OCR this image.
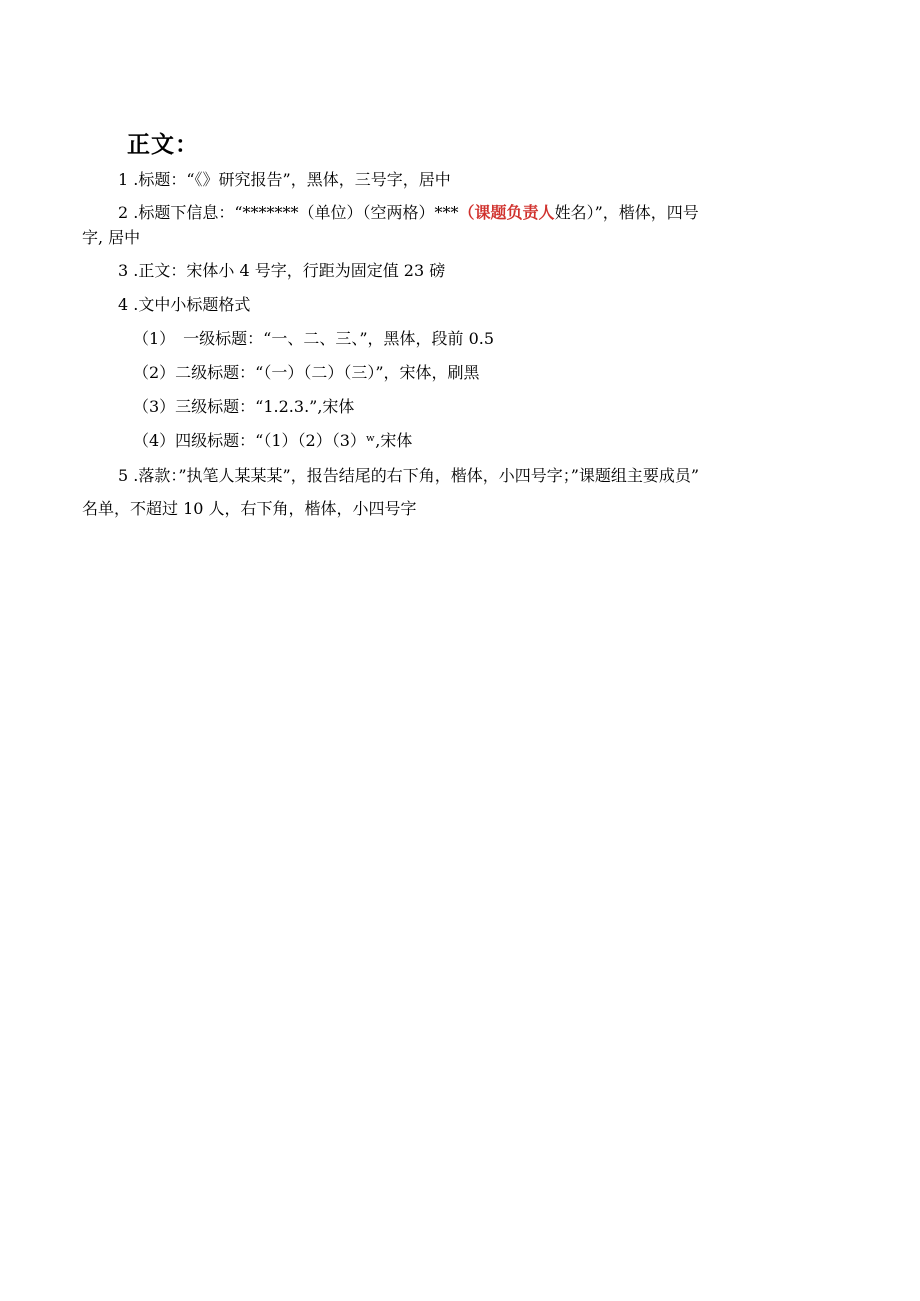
正文：
1 .标题：“《》研究报告”，黑体，三号字，居中
2 .标题下信息：“*******（单位）（空两格）***（课题负责人姓名）”，楷体，四号
字, 居中
3 .正文：宋体小 4 号字，行距为固定值 23 磅
4 .文中小标题格式
（1）　一级标题：“一、二、三、”，黑体，段前 0.5
（2）二级标题：“（一）（二）（三）”，宋体，刷黑
（3）三级标题：“1.2.3.”,宋体
（4）四级标题：“（1）（2）（3）ʷ,宋体
5 .落款：”执笔人某某某”，报告结尾的右下角，楷体，小四号字；”课题组主要成员”
名单，不超过 10 人，右下角，楷体，小四号字
